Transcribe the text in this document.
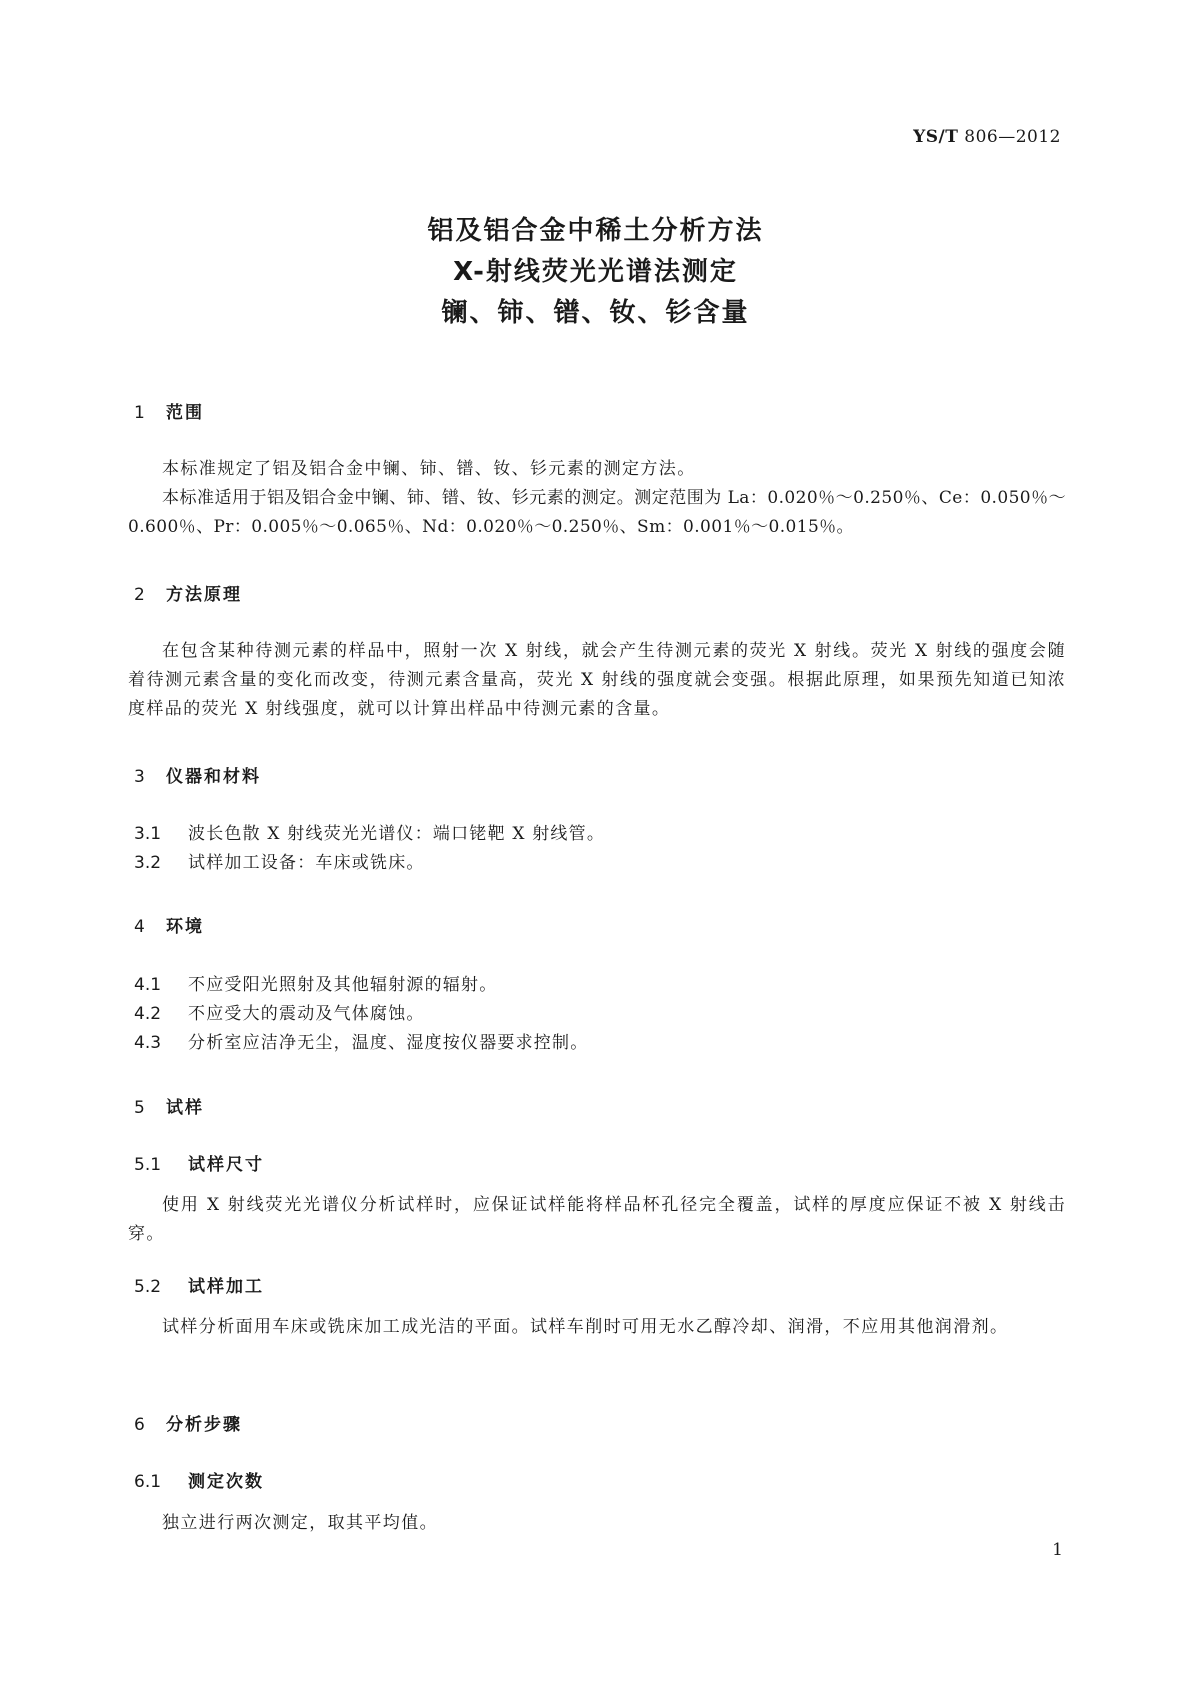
YS/T 806—2012
铝及铝合金中稀土分析方法
X-射线荧光光谱法测定
镧、铈、镨、钕、钐含量
1 范围
本标准规定了铝及铝合金中镧、铈、镨、钕、钐元素的测定方法。
本标准适用于铝及铝合金中镧、铈、镨、钕、钐元素的测定。测定范围为 La：0.020％～0.250％、Ce：0.050％～0.600％、Pr：0.005％～0.065％、Nd：0.020％～0.250％、Sm：0.001％～0.015％。
2 方法原理
在包含某种待测元素的样品中，照射一次 X 射线，就会产生待测元素的荧光 X 射线。荧光 X 射线的强度会随着待测元素含量的变化而改变，待测元素含量高，荧光 X 射线的强度就会变强。根据此原理，如果预先知道已知浓度样品的荧光 X 射线强度，就可以计算出样品中待测元素的含量。
3 仪器和材料
3.1 波长色散 X 射线荧光光谱仪：端口铑靶 X 射线管。
3.2 试样加工设备：车床或铣床。
4 环境
4.1 不应受阳光照射及其他辐射源的辐射。
4.2 不应受大的震动及气体腐蚀。
4.3 分析室应洁净无尘，温度、湿度按仪器要求控制。
5 试样
5.1 试样尺寸
使用 X 射线荧光光谱仪分析试样时，应保证试样能将样品杯孔径完全覆盖，试样的厚度应保证不被 X 射线击穿。
5.2 试样加工
试样分析面用车床或铣床加工成光洁的平面。试样车削时可用无水乙醇冷却、润滑，不应用其他润滑剂。
6 分析步骤
6.1 测定次数
独立进行两次测定，取其平均值。
1
